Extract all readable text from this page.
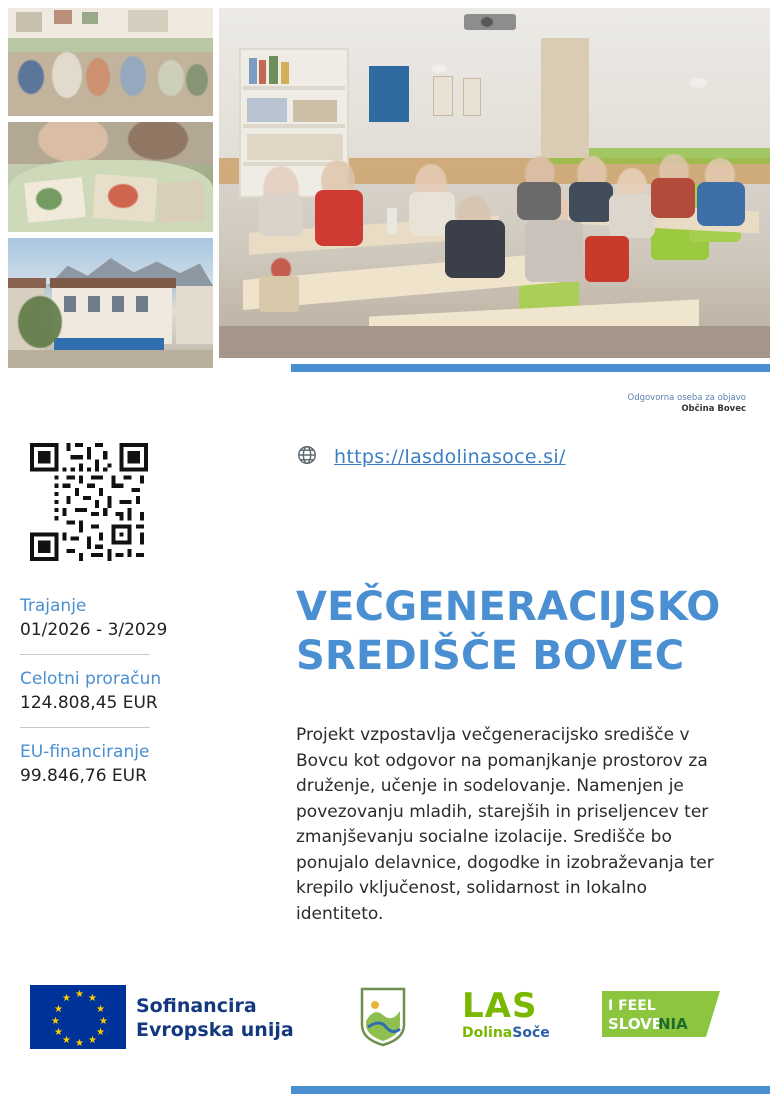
Odgovorna oseba za objavo
Občina Bovec
Trajanje
01/2026 - 3/2029
Celotni proračun
124.808,45 EUR
EU-financiranje
99.846,76 EUR
https://lasdolinasoce.si/
VEČGENERACIJSKO SREDIŠČE BOVEC

Projekt vzpostavlja večgeneracijsko središče v Bovcu kot odgovor na pomanjkanje prostorov za druženje, učenje in sodelovanje. Namenjen je povezovanju mladih, starejših in priseljencev ter zmanjševanju socialne izolacije. Središče bo ponujalo delavnice, dogodke in izobraževanja ter krepilo vključenost, solidarnost in lokalno identiteto.

★ ★
★
★
★
★
★
★
★
★
★
★	Sofinancira
Evropska unija
LAS
DolinaSoče
I FEEL
SLOVE
NIA
